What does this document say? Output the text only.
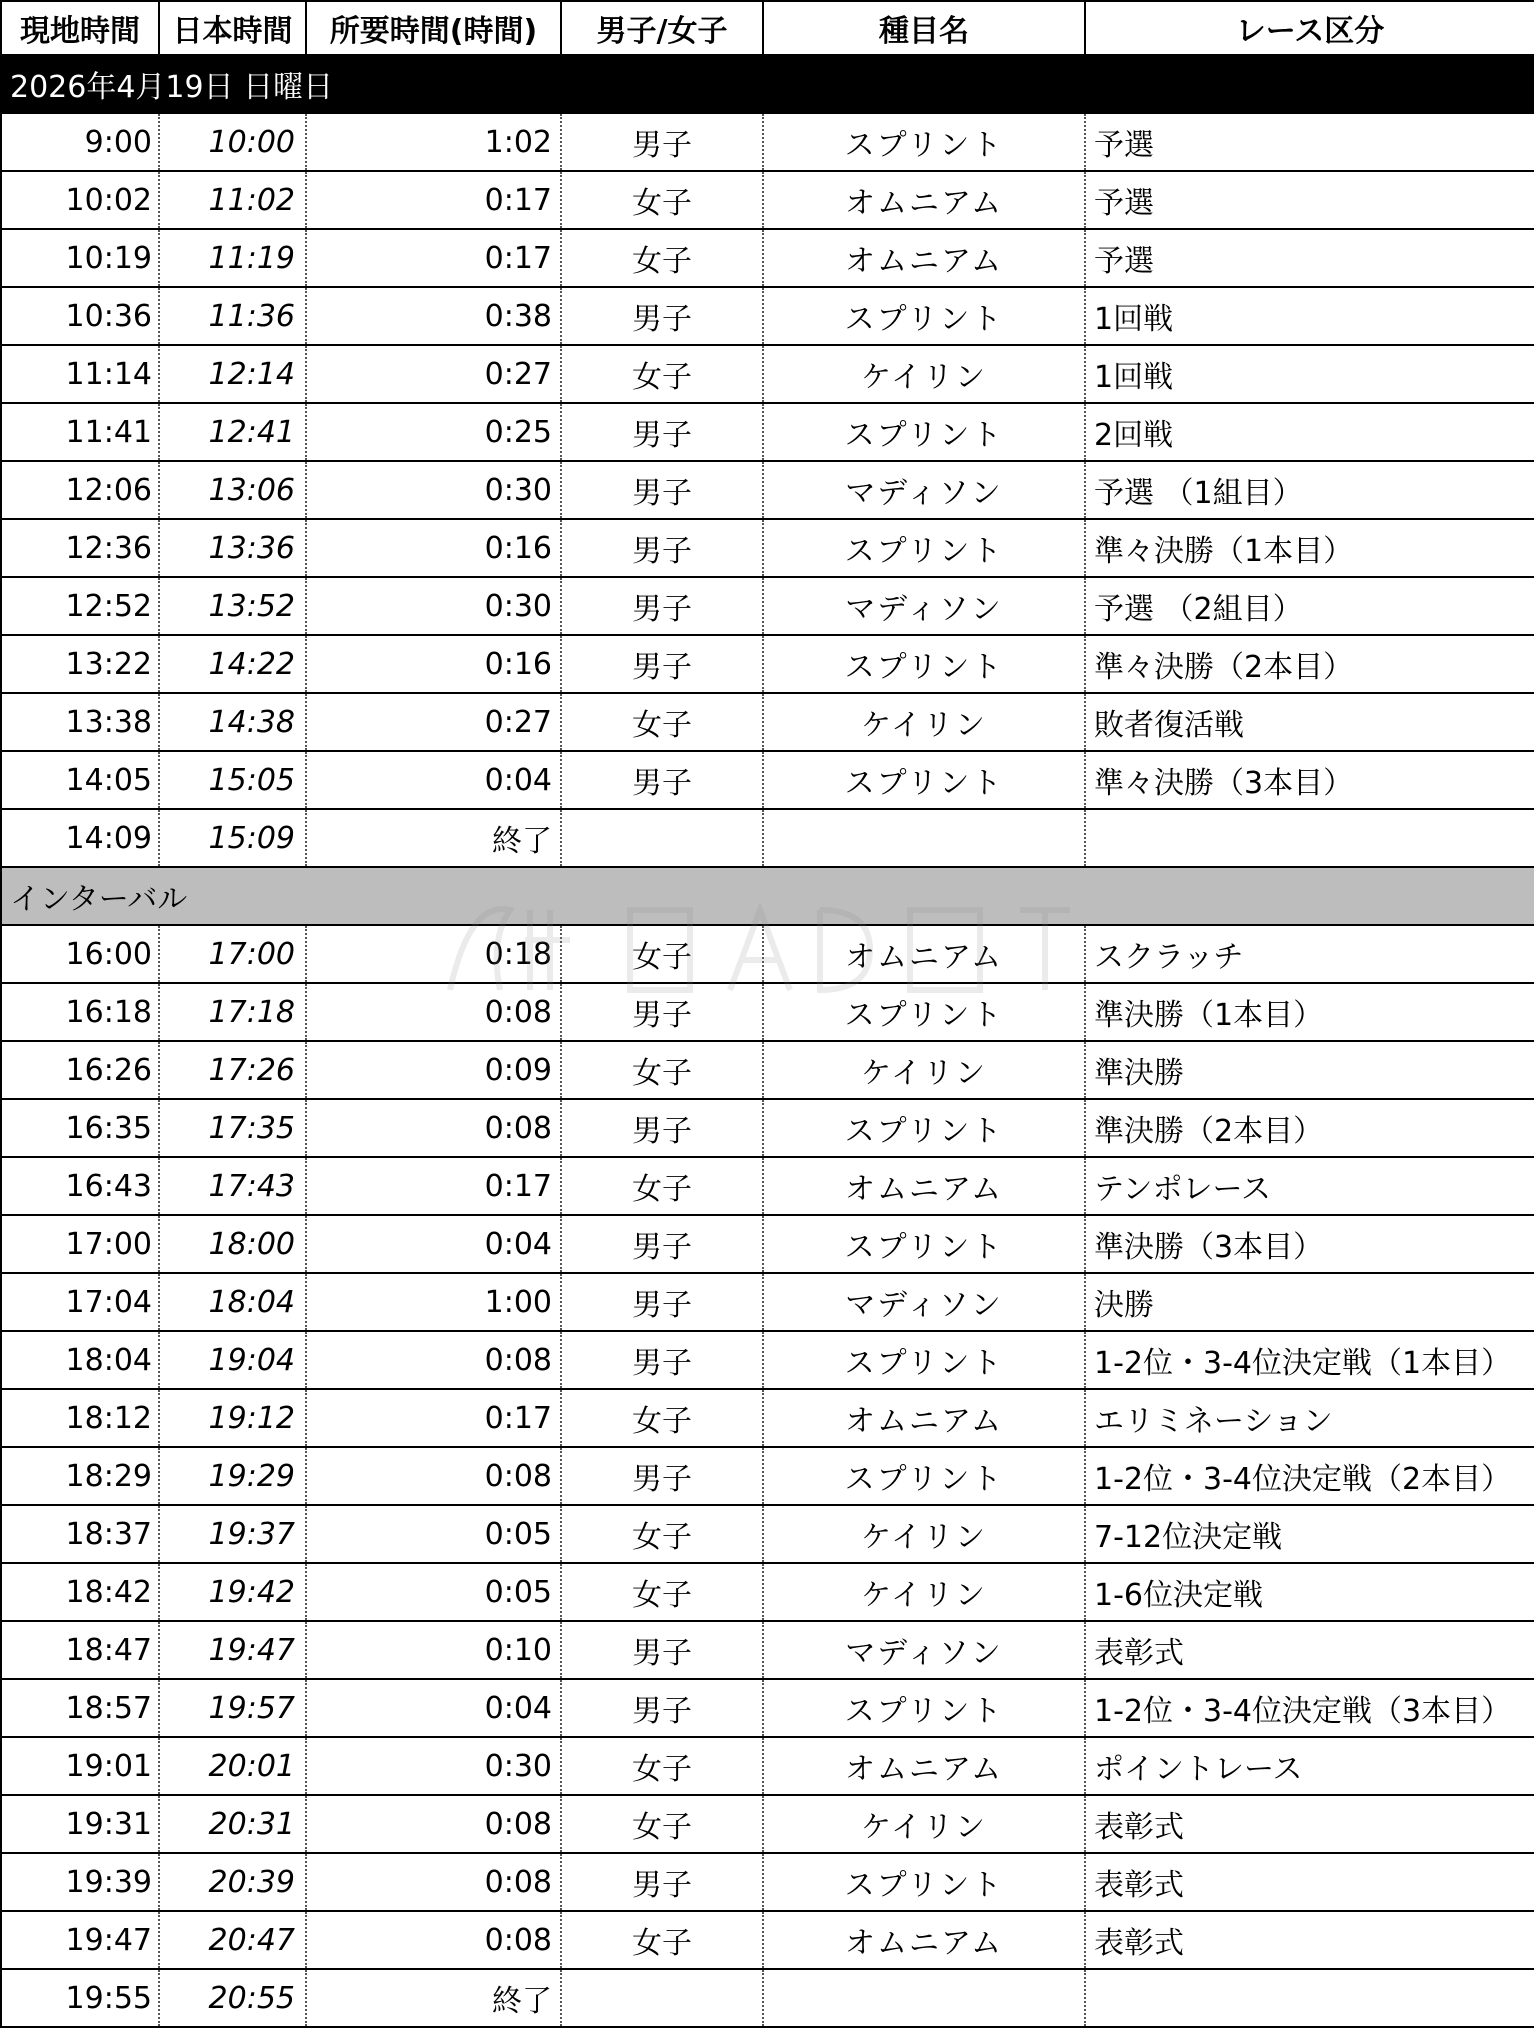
現地時間	日本時間	所要時間(時間)	男子/女子	種目名	レース区分
2026年4月19日 日曜日					
9:00	10:00	1:02	男子	スプリント	予選
10:02	11:02	0:17	女子	オムニアム	予選
10:19	11:19	0:17	女子	オムニアム	予選
10:36	11:36	0:38	男子	スプリント	1回戦
11:14	12:14	0:27	女子	ケイリン	1回戦
11:41	12:41	0:25	男子	スプリント	2回戦
12:06	13:06	0:30	男子	マディソン	予選 （1組目）
12:36	13:36	0:16	男子	スプリント	準々決勝（1本目）
12:52	13:52	0:30	男子	マディソン	予選 （2組目）
13:22	14:22	0:16	男子	スプリント	準々決勝（2本目）
13:38	14:38	0:27	女子	ケイリン	敗者復活戦
14:05	15:05	0:04	男子	スプリント	準々決勝（3本目）
14:09	15:09	終了			
インターバル					
16:00	17:00	0:18	女子	オムニアム	スクラッチ
16:18	17:18	0:08	男子	スプリント	準決勝（1本目）
16:26	17:26	0:09	女子	ケイリン	準決勝
16:35	17:35	0:08	男子	スプリント	準決勝（2本目）
16:43	17:43	0:17	女子	オムニアム	テンポレース
17:00	18:00	0:04	男子	スプリント	準決勝（3本目）
17:04	18:04	1:00	男子	マディソン	決勝
18:04	19:04	0:08	男子	スプリント	1-2位・3-4位決定戦（1本目）
18:12	19:12	0:17	女子	オムニアム	エリミネーション
18:29	19:29	0:08	男子	スプリント	1-2位・3-4位決定戦（2本目）
18:37	19:37	0:05	女子	ケイリン	7-12位決定戦
18:42	19:42	0:05	女子	ケイリン	1-6位決定戦
18:47	19:47	0:10	男子	マディソン	表彰式
18:57	19:57	0:04	男子	スプリント	1-2位・3-4位決定戦（3本目）
19:01	20:01	0:30	女子	オムニアム	ポイントレース
19:31	20:31	0:08	女子	ケイリン	表彰式
19:39	20:39	0:08	男子	スプリント	表彰式
19:47	20:47	0:08	女子	オムニアム	表彰式
19:55	20:55	終了			
